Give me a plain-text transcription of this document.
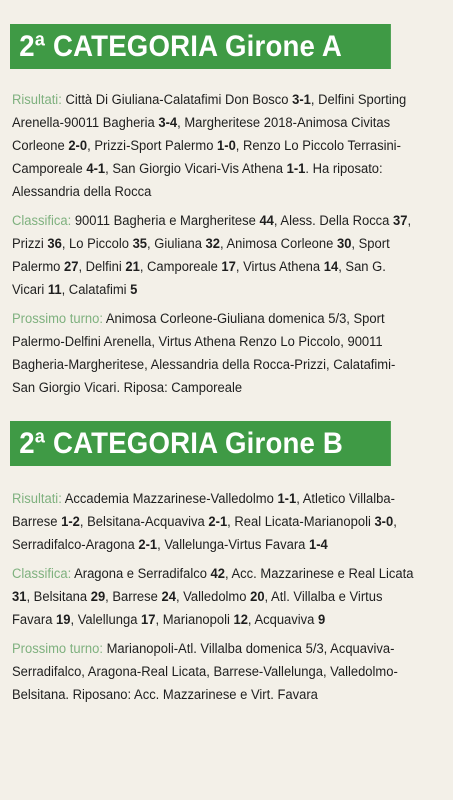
2ª CATEGORIA Girone A

Risultati: Città Di Giuliana-Calatafimi Don Bosco 3-1, Delfini Sporting Arenella-90011 Bagheria 3-4, Margheritese 2018-Animosa Civitas Corleone 2-0, Prizzi-Sport Palermo 1-0, Renzo Lo Piccolo Terrasini-Camporeale 4-1, San Giorgio Vicari-Vis Athena 1-1. Ha riposato: Alessandria della Rocca

Classifica: 90011 Bagheria e Margheritese 44, Aless. Della Rocca 37, Prizzi 36, Lo Piccolo 35, Giuliana 32, Animosa Corleone 30, Sport Palermo 27, Delfini 21, Camporeale 17, Virtus Athena 14, San G. Vicari 11, Calatafimi 5

Prossimo turno: Animosa Corleone-Giuliana domenica 5/3, Sport Palermo-Delfini Arenella, Virtus Athena Renzo Lo Piccolo, 90011 Bagheria-Margheritese, Alessandria della Rocca-Prizzi, Calatafimi-San Giorgio Vicari. Riposa: Camporeale

2ª CATEGORIA Girone B

Risultati: Accademia Mazzarinese-Valledolmo 1-1, Atletico Villalba-Barrese 1-2, Belsitana-Acquaviva 2-1, Real Licata-Marianopoli 3-0, Serradifalco-Aragona 2-1, Vallelunga-Virtus Favara 1-4

Classifica: Aragona e Serradifalco 42, Acc. Mazzarinese e Real Licata 31, Belsitana 29, Barrese 24, Valledolmo 20, Atl. Villalba e Virtus Favara 19, Valellunga 17, Marianopoli 12, Acquaviva 9

Prossimo turno: Marianopoli-Atl. Villalba domenica 5/3, Acquaviva-Serradifalco, Aragona-Real Licata, Barrese-Vallelunga, Valledolmo-Belsitana. Riposano: Acc. Mazzarinese e Virt. Favara
